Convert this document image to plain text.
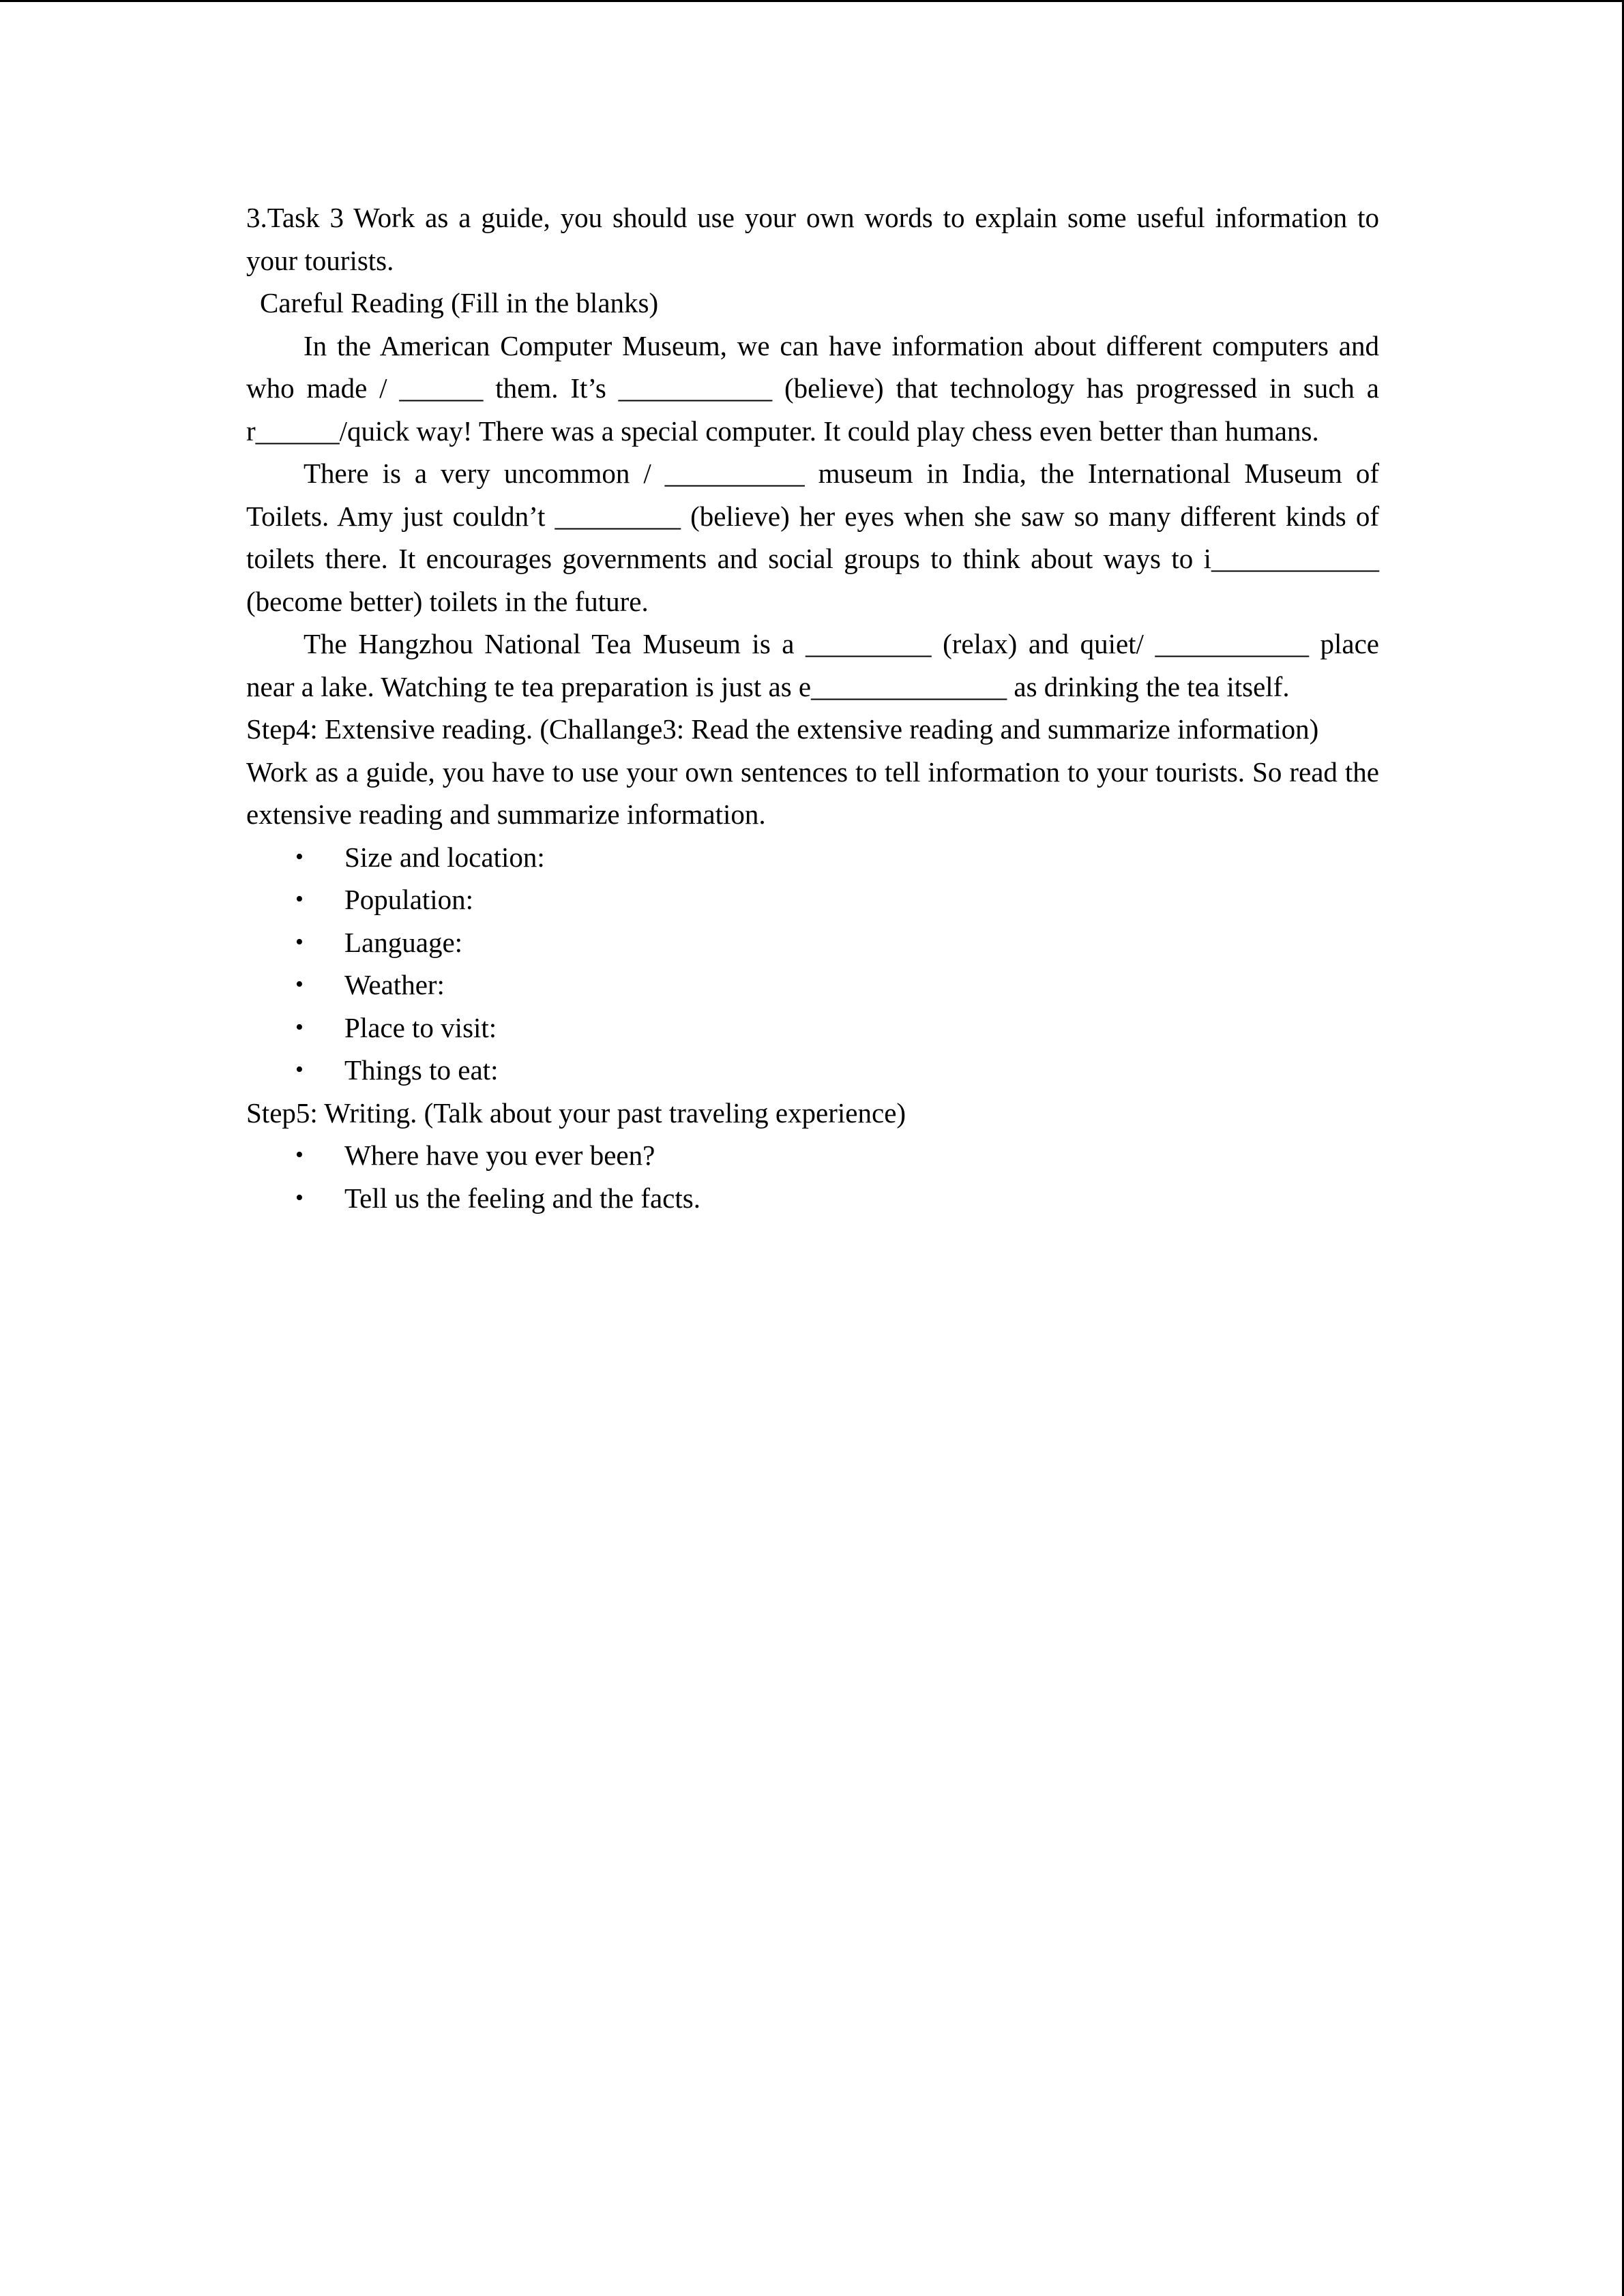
3.Task 3 Work as a guide, you should use your own words to explain some useful information to your tourists.

Careful Reading (Fill in the blanks)

In the American Computer Museum, we can have information about different computers and who made / ______ them. It’s ___________ (believe) that technology has progressed in such a r______/quick way! There was a special computer. It could play chess even better than humans.

There is a very uncommon / __________ museum in India, the International Museum of Toilets. Amy just couldn’t _________ (believe) her eyes when she saw so many different kinds of toilets there. It encourages governments and social groups to think about ways to i____________ (become better) toilets in the future.

The Hangzhou National Tea Museum is a _________ (relax) and quiet/ ___________ place near a lake. Watching te tea preparation is just as e______________ as drinking the tea itself.

Step4: Extensive reading. (Challange3: Read the extensive reading and summarize information)

Work as a guide, you have to use your own sentences to tell information to your tourists. So read the extensive reading and summarize information.

• Size and location:
• Population:
• Language:
• Weather:
• Place to visit:
• Things to eat:

Step5: Writing. (Talk about your past traveling experience)

• Where have you ever been?
• Tell us the feeling and the facts.
